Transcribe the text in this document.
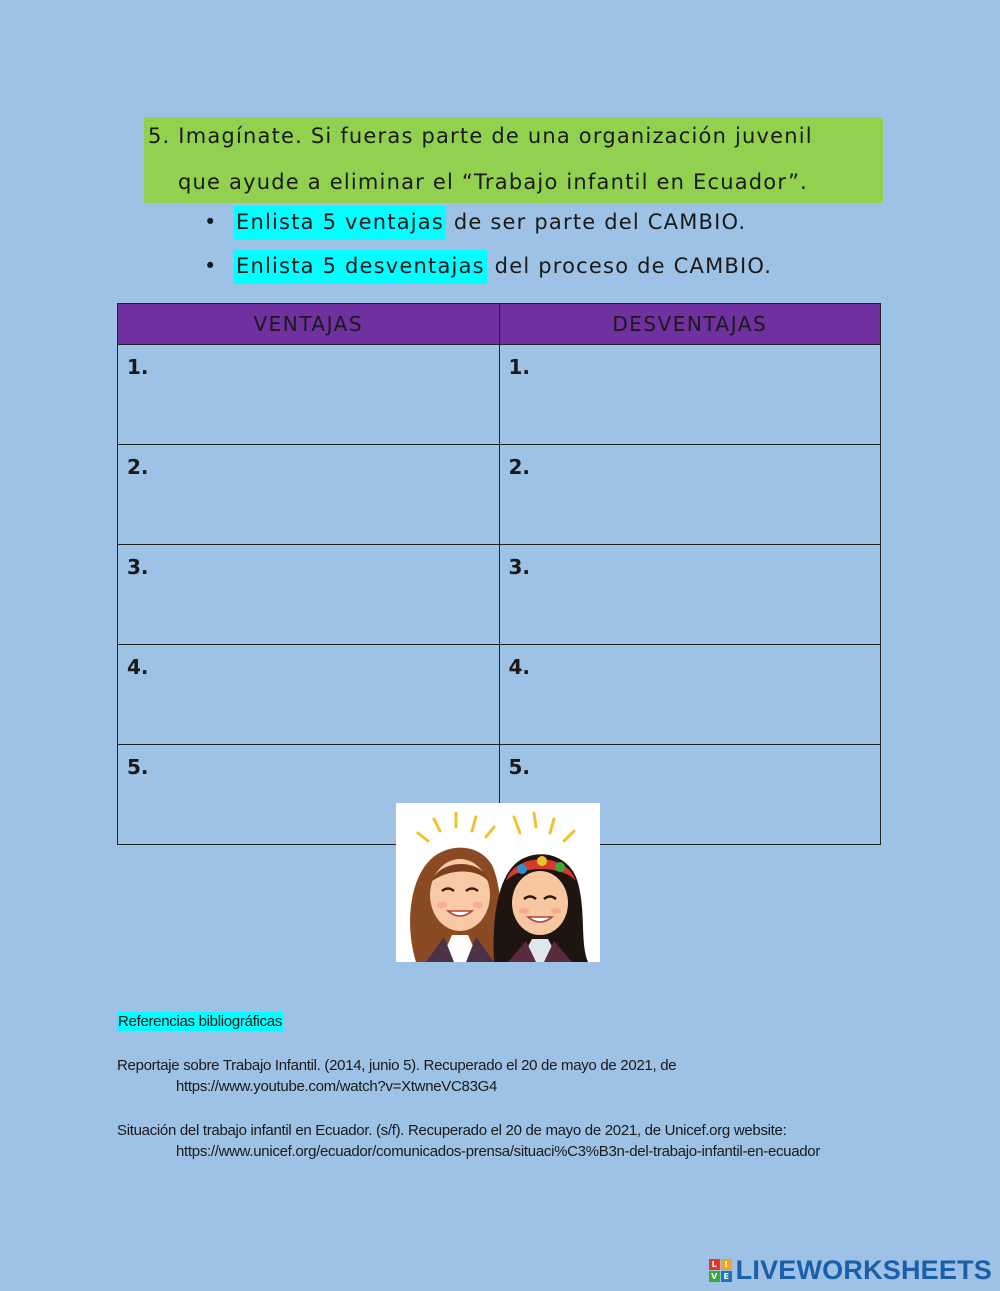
5. Imagínate. Si fueras parte de una organización juvenil
que ayude a eliminar el “Trabajo infantil en Ecuador”.
• Enlista 5 ventajas de ser parte del CAMBIO.
• Enlista 5 desventajas del proceso de CAMBIO.
VENTAJAS	DESVENTAJAS
1.	1.
2.	2.
3.	3.
4.	4.
5.	5.
Referencias bibliográficas
Reportaje sobre Trabajo Infantil. (2014, junio 5). Recuperado el 20 de mayo de 2021, de
https://www.youtube.com/watch?v=XtwneVC83G4
Situación del trabajo infantil en Ecuador. (s/f). Recuperado el 20 de mayo de 2021, de Unicef.org website:
https://www.unicef.org/ecuador/comunicados-prensa/situaci%C3%B3n-del-trabajo-infantil-en-ecuador
L I
V E LIVEWORKSHEETS
